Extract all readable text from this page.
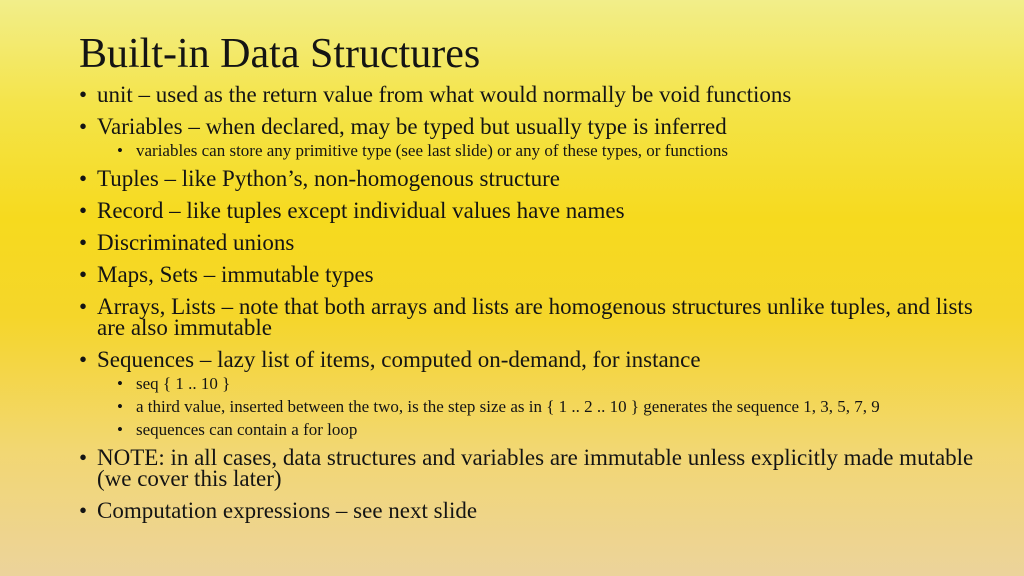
Built-in Data Structures
• unit – used as the return value from what would normally be void functions
• Variables – when declared, may be typed but usually type is inferred
• variables can store any primitive type (see last slide) or any of these types, or functions
• Tuples – like Python’s, non-homogenous structure
• Record – like tuples except individual values have names
• Discriminated unions
• Maps, Sets – immutable types
• Arrays, Lists – note that both arrays and lists are homogenous structures unlike tuples, and lists are also immutable
• Sequences – lazy list of items, computed on-demand, for instance
• seq { 1 .. 10 }
• a third value, inserted between the two, is the step size as in { 1 .. 2 .. 10 } generates the sequence 1, 3, 5, 7, 9
• sequences can contain a for loop
• NOTE: in all cases, data structures and variables are immutable unless explicitly made mutable (we cover this later)
• Computation expressions – see next slide
